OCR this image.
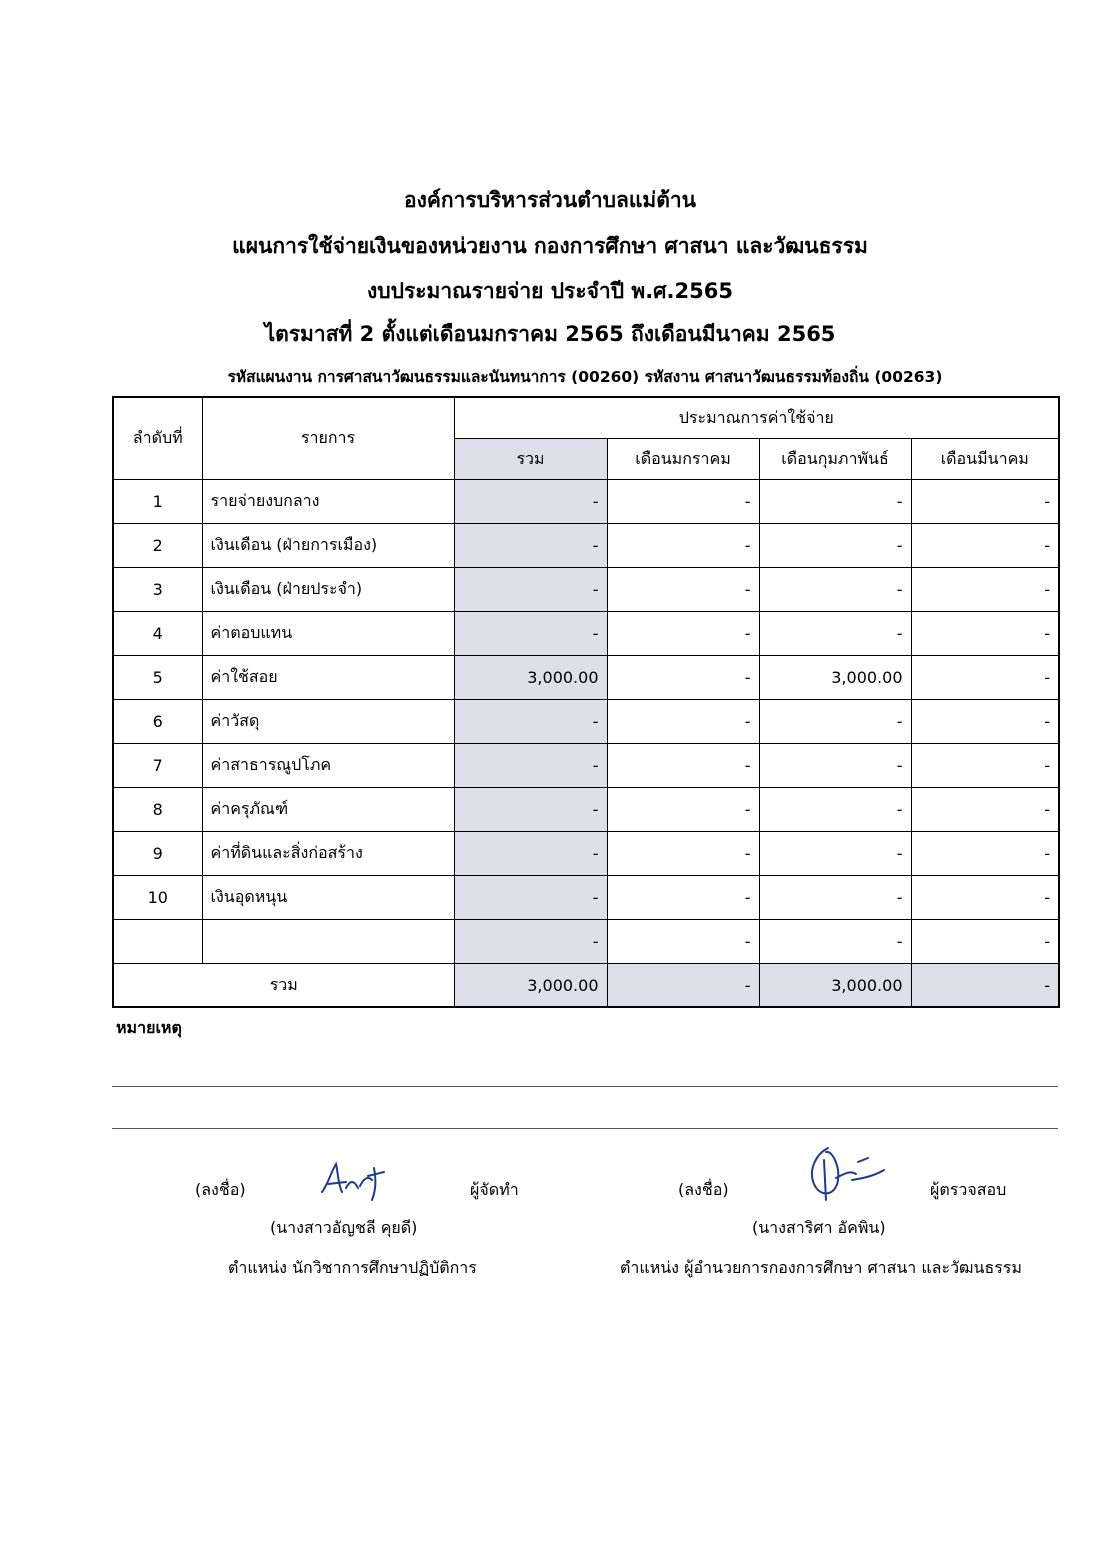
องค์การบริหารส่วนตำบลแม่ต้าน
แผนการใช้จ่ายเงินของหน่วยงาน กองการศึกษา ศาสนา และวัฒนธรรม
งบประมาณรายจ่าย ประจำปี พ.ศ.2565
ไตรมาสที่ 2 ตั้งแต่เดือนมกราคม 2565 ถึงเดือนมีนาคม 2565
รหัสแผนงาน การศาสนาวัฒนธรรมและนันทนาการ (00260) รหัสงาน ศาสนาวัฒนธรรมท้องถิ่น (00263)
ลำดับที่	รายการ	ประมาณการค่าใช้จ่าย			
		รวม	เดือนมกราคม	เดือนกุมภาพันธ์	เดือนมีนาคม
1	รายจ่ายงบกลาง	-	-	-	-
2	เงินเดือน (ฝ่ายการเมือง)	-	-	-	-
3	เงินเดือน (ฝ่ายประจำ)	-	-	-	-
4	ค่าตอบแทน	-	-	-	-
5	ค่าใช้สอย	3,000.00	-	3,000.00	-
6	ค่าวัสดุ	-	-	-	-
7	ค่าสาธารณูปโภค	-	-	-	-
8	ค่าครุภัณฑ์	-	-	-	-
9	ค่าที่ดินและสิ่งก่อสร้าง	-	-	-	-
10	เงินอุดหนุน	-	-	-	-
		-	-	-	-
รวม		3,000.00	-	3,000.00	-
หมายเหตุ
(ลงชื่อ)	ผู้จัดทำ
(นางสาวอัญชลี คุยดี)
ตำแหน่ง นักวิชาการศึกษาปฏิบัติการ
(ลงชื่อ)	ผู้ตรวจสอบ
(นางสาริศา อัคพิน)
ตำแหน่ง ผู้อำนวยการกองการศึกษา ศาสนา และวัฒนธรรม
